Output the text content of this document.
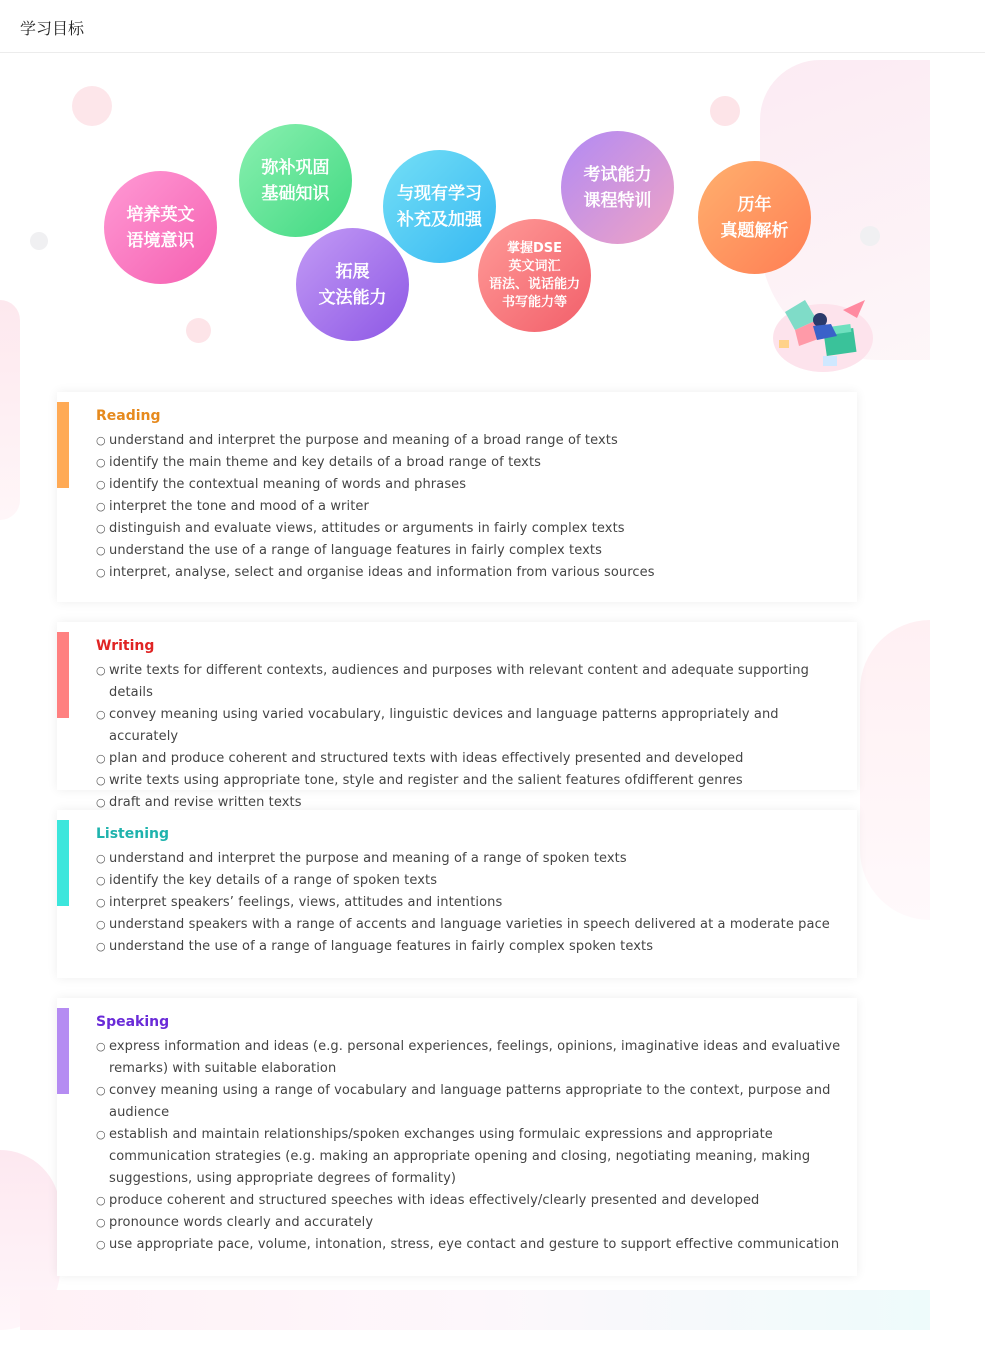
学习目标
培养英文
语境意识
弥补巩固
基础知识
拓展
文法能力
与现有学习
补充及加强
掌握DSE
英文词汇
语法、说话能力
书写能力等
考试能力
课程特训	历年
真题解析
Reading
○ understand and interpret the purpose and meaning of a broad range of texts
○ identify the main theme and key details of a broad range of texts
○ identify the contextual meaning of words and phrases
○ interpret the tone and mood of a writer
○ distinguish and evaluate views, attitudes or arguments in fairly complex texts
○ understand the use of a range of language features in fairly complex texts
○ interpret, analyse, select and organise ideas and information from various sources
Writing
○ write texts for different contexts, audiences and purposes with relevant content and adequate supporting details
○ convey meaning using varied vocabulary, linguistic devices and language patterns appropriately and accurately
○ plan and produce coherent and structured texts with ideas effectively presented and developed
○ write texts using appropriate tone, style and register and the salient features ofdifferent genres
○ draft and revise written texts
Listening
○ understand and interpret the purpose and meaning of a range of spoken texts
○ identify the key details of a range of spoken texts
○ interpret speakers’ feelings, views, attitudes and intentions
○ understand speakers with a range of accents and language varieties in speech delivered at a moderate pace
○ understand the use of a range of language features in fairly complex spoken texts
Speaking
○ express information and ideas (e.g. personal experiences, feelings, opinions, imaginative ideas and evaluative remarks) with suitable elaboration
○ convey meaning using a range of vocabulary and language patterns appropriate to the context, purpose and audience
○ establish and maintain relationships/spoken exchanges using formulaic expressions and appropriate communication strategies (e.g. making an appropriate opening and closing, negotiating meaning, making suggestions, using appropriate degrees of formality)
○ produce coherent and structured speeches with ideas effectively/clearly presented and developed
○ pronounce words clearly and accurately
○ use appropriate pace, volume, intonation, stress, eye contact and gesture to support effective communication
